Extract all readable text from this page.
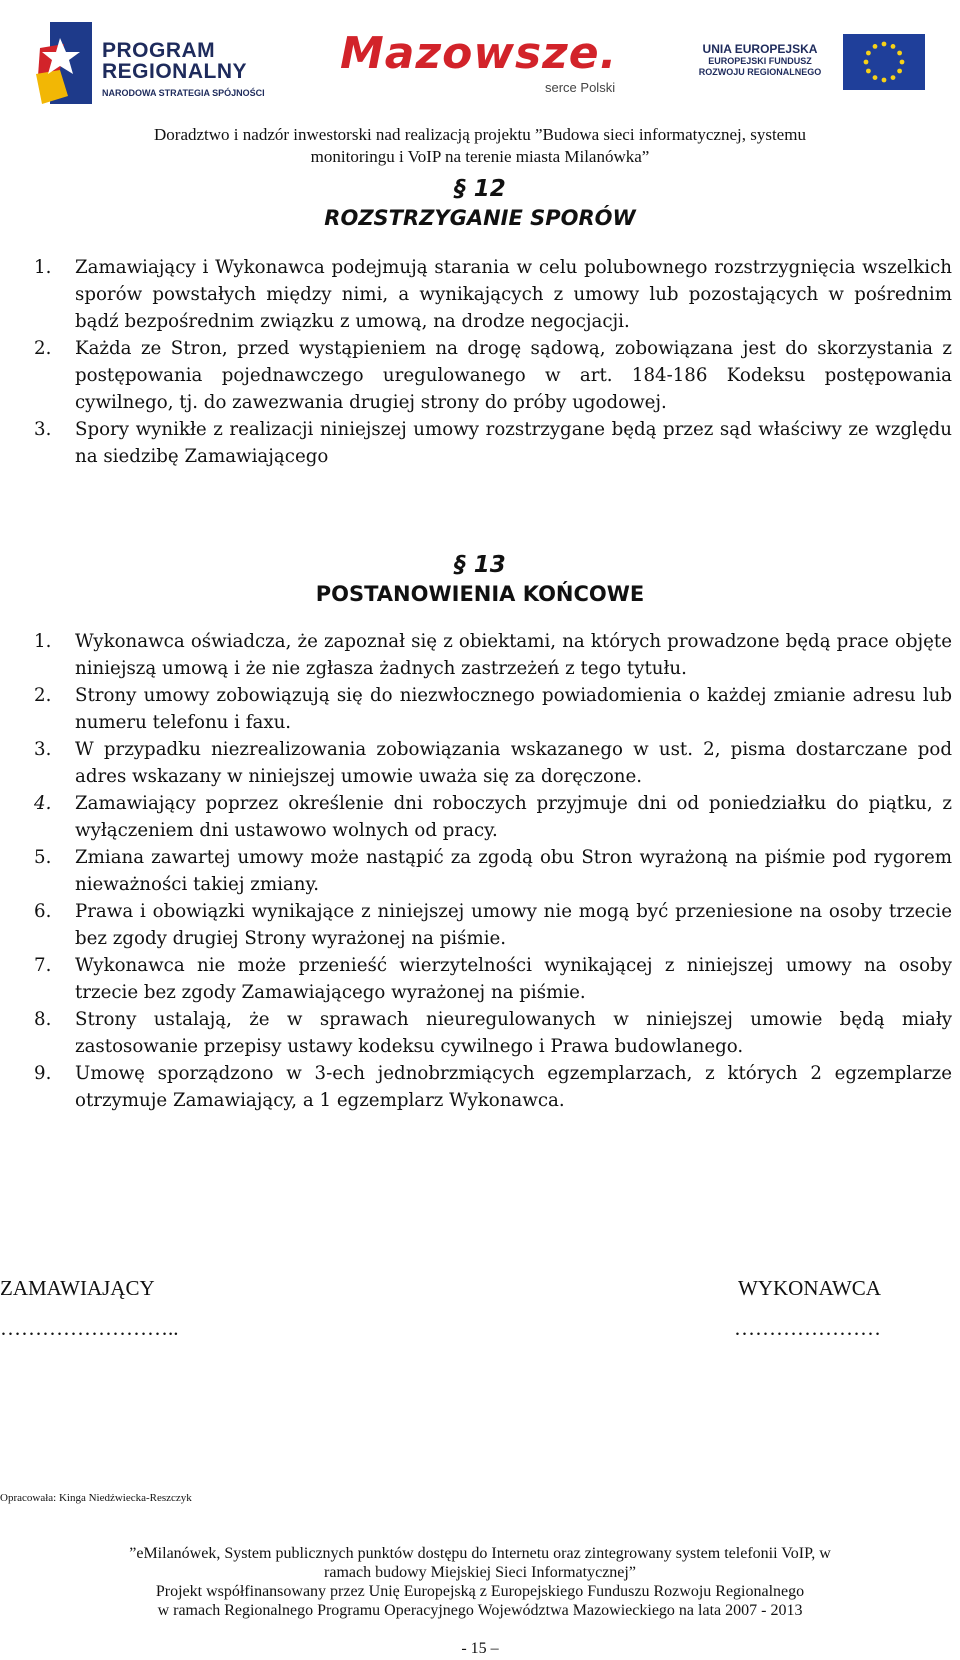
PROGRAM
REGIONALNY
NARODOWA STRATEGIA SPÓJNOŚCI
Mazowsze.
serce Polski
UNIA EUROPEJSKA
EUROPEJSKI FUNDUSZ
ROZWOJU REGIONALNEGO
Doradztwo i nadzór inwestorski nad realizacją projektu ”Budowa sieci informatycznej, systemu
monitoringu i VoIP na terenie miasta Milanówka”
§ 12
ROZSTRZYGANIE SPORÓW
1. Zamawiający i Wykonawca podejmują starania w celu polubownego rozstrzygnięcia wszelkich sporów powstałych między nimi, a wynikających z umowy lub pozostających w pośrednim bądź bezpośrednim związku z umową, na drodze negocjacji.
2. Każda ze Stron, przed wystąpieniem na drogę sądową, zobowiązana jest do skorzystania z postępowania pojednawczego uregulowanego w art. 184-186 Kodeksu postępowania cywilnego, tj. do zawezwania drugiej strony do próby ugodowej.
3. Spory wynikłe z realizacji niniejszej umowy rozstrzygane będą przez sąd właściwy ze względu na siedzibę Zamawiającego
§ 13
POSTANOWIENIA KOŃCOWE
1. Wykonawca oświadcza, że zapoznał się z obiektami, na których prowadzone będą prace objęte niniejszą umową i że nie zgłasza żadnych zastrzeżeń z tego tytułu.
2. Strony umowy zobowiązują się do niezwłocznego powiadomienia o każdej zmianie adresu lub numeru telefonu i faxu.
3. W przypadku niezrealizowania zobowiązania wskazanego w ust. 2, pisma dostarczane pod adres wskazany w niniejszej umowie uważa się za doręczone.
4. Zamawiający poprzez określenie dni roboczych przyjmuje dni od poniedziałku do piątku, z wyłączeniem dni ustawowo wolnych od pracy.
5. Zmiana zawartej umowy może nastąpić za zgodą obu Stron wyrażoną na piśmie pod rygorem nieważności takiej zmiany.
6. Prawa i obowiązki wynikające z niniejszej umowy nie mogą być przeniesione na osoby trzecie bez zgody drugiej Strony wyrażonej na piśmie.
7. Wykonawca nie może przenieść wierzytelności wynikającej z niniejszej umowy na osoby trzecie bez zgody Zamawiającego wyrażonej na piśmie.
8. Strony ustalają, że w sprawach nieuregulowanych w niniejszej umowie będą miały zastosowanie przepisy ustawy kodeksu cywilnego i Prawa budowlanego.
9. Umowę sporządzono w 3-ech jednobrzmiących egzemplarzach, z których 2 egzemplarze otrzymuje Zamawiający, a 1 egzemplarz Wykonawca.
ZAMAWIAJĄCY
……………………..
WYKONAWCA
…………………
Opracowała: Kinga Niedźwiecka-Reszczyk
”eMilanówek, System publicznych punktów dostępu do Internetu oraz zintegrowany system telefonii VoIP, w
ramach budowy Miejskiej Sieci Informatycznej”
Projekt współfinansowany przez Unię Europejską z Europejskiego Funduszu Rozwoju Regionalnego
w ramach Regionalnego Programu Operacyjnego Województwa Mazowieckiego na lata 2007 - 2013
- 15 –
